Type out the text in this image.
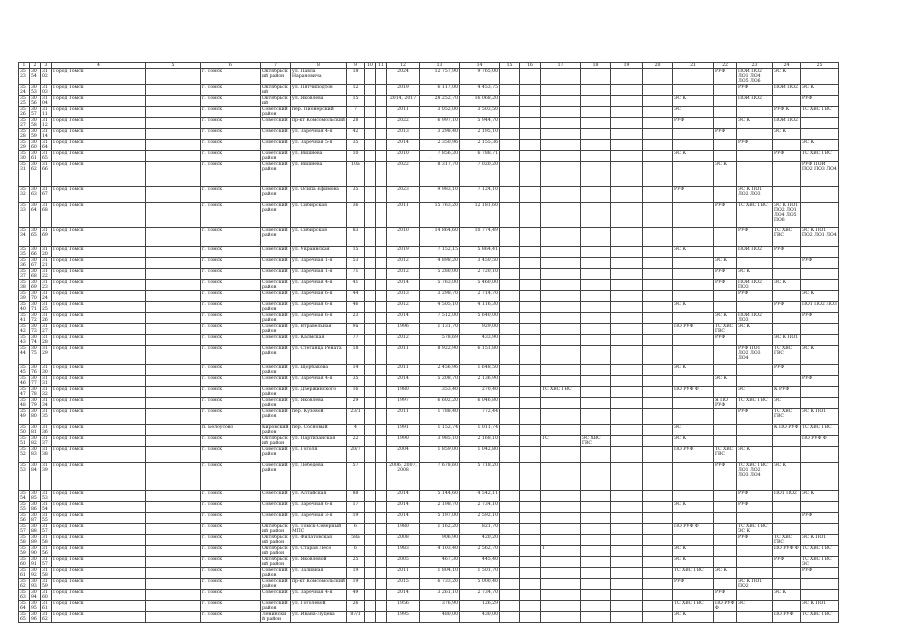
1	2	3	4	5	6	7	8	9	10	11	12	13	14	15	16	17	18	19	20	21	22	23	24	25
3523	3054	3102	Город Томск		г. Томск	Октябрьский район	ул. Павла Нарановича	18			2024	12 757,90	9 765,00								РУФ	ПОИ ПО2 ЛО1 ЛО4 ЛО5 ЛО6	ЭС К	
3524	3053	3103	Город Томск		г. Томск	Октябрьский	ул. Пятчиподтов	12			2019	6 117,00	4 453,75									РУФ	ПОИ ПО2	ЭС К
3525	3056	3104	Город Томск		г. Томск	Октябрьский	ул. Яковлева	15			2014, 2017	28 252,70	16 068,20							ЭС К		ПОИ ПО2		РУФ
3526	3057	3111	Город Томск		г. Томск	Советский район	пер. Пионерский	7			2011	3 052,00	3 503,50							ЭС			РУФ К	ТС ХВС ГВС
3527	3058	3112	Город Томск		г. Томск	Советский	пр-кт Комсомольский	28			2022	6 997,10	5 944,70							РУФ		ЭС К	ПОИ ПО2	
3528	3059	3114	Город Томск		г. Томск	Советский	ул. Заречная 4-я	42			2013	3 298,40	2 195,10								РУФ		ЭС К	
3529	3060	3164	Город Томск		г. Томск	Советский	ул. Заречная 5-я	35			2014	2 350,96	2 155,36									РУФ		ЭС К
3530	3061	3165	Город Томск		г. Томск	Советский район	ул. Вишнева	10			2010	7 856,30	6 788,71							ЭС К			РУФ	ТС ХВС ГВС
3531	3062	3166	Город Томск		г. Томск	Советский район	ул. Вишнева	10а			2022	8 317,70	7 020,20								ЭС К			РУФ ПОИ ПО2 ПО3 ЛО4
3532	3063	3167	Город Томск		г. Томск	Советский район	ул. Осипа Ефимова	35			2023	9 983,10	7 124,10							РУФ		ЭС К ПО1 ЛО2 ЛО3		
3533	3064	3168	Город Томск		г. Томск	Советский район	ул. Сибирская	36			2011	15 763,20	12 181,60								РУФ	ТС ХВС ГВС	ЭС К ПО1 ПО2 ЛО1 ЛО4 ЛО5 ПО6	
3534	3065	3169	Город Томск		г. Томск	Советский район	ул. Сибирская	83			2010	14 864,60	10 774,49									РУФ	ТС ХВС ГВС	ЭС К ПО1 ПО2 ЛО1 ЛО4
3535	3066	3120	Город Томск		г. Томск	Советский	ул. Украинская	15			2019	7 152,15	5 864,41							ЭС К		ПОИ ПО2	РУФ	
3536	3067	3121	Город Томск		г. Томск	Советский	ул. Заречная 1-я	53			2012	4 898,20	3 450,50								ЭС К			РУФ
3537	3068	3122	Город Томск		г. Томск	Советский	ул. Заречная 1-я	71			2012	5 280,00	2 720,10								РУФ	ЭС К		
3538	3069	3123	Город Томск		г. Томск	Советский район	ул. Заречная 4-я	41			2014	5 763,00	5 460,00								РУФ	ПОИ ПО2 ПО3	ЭС К	
3539	3070	3124	Город Томск		г. Томск	Советский	ул. Заречная 6-я	44			2013	3 298,70	2 714,70									РУФ		ЭС К
3540	3071	3125	Город Томск		г. Томск	Советский район	ул. Заречная 6-я	46			2012	4 505,10	4 116,30							ЭС К			РУФ	ПО1 ПО2 ЛО3
3541	3072	3126	Город Томск		г. Томск	Советский район	ул. Заречная 6-я	23			2014	7 512,00	5 640,00								ЭС К	ПОИ ПО2 ЛО3		РУФ
3542	3073	3127	Город Томск		г. Томск	Советский район	ул. Втравельная	9а			1996	1 131,70	929,00							ПО РУФ	ТС ХВС ГВС	ЭС К		
3543	3074	3128	Город Томск		г. Томск	Советский	ул. Калмская	77			2012	578,69	433,90								РУФ		ЭС К ПО1	
3544	3075	3129	Город Томск		г. Томск	Советский район	ул. Стеганца Рената	18			2011	8 922,90	6 151,80									РУФ ПО1 ЛО2 ЛО3 ЛО4	ТС ХВС ГВС	ЭС К
3545	3076	3130	Город Томск		г. Томск	Советский район	ул. Щорбакова	14			2011	2 456,96	1 648,50							ЭС К			РУФ	
3546	3077	3131	Город Томск		г. Томск	Советский	ул. Заречная 4-я	35			2014	5 208,70	2 136,90								ЭС К			РУФ
3547	3078	3132	Город Томск		г. Томск	Советский район	ул. Дзержинского	16			1980	353,40	270,40			ТС ХВС ГВС				ПО РУФ Ф		ЭС	К РУФ	
3548	3079	3134	Город Томск		г. Томск	Советский район	ул. Яковлева	29			1997	6 602,20	6 046,80								Я ПО РУФ	ТС ХВС ГВС	ЭС	
3549	3080	3135	Город Томск		г. Томск	Советский район	пер. Кузовой	23/1			2011	1 788,40	772,44									РУФ	ТС ХВС ГВС	ЭС К ПО1
3550	3081	3136	Город Томск		п. Белоусово	Кировский район	пер. Сосновый	4			1991	1 152,74	1 011,74							ЭС			К ПО РУФ	ТС ХВС ГВС
3551	3082	3137	Город Томск		г. Томск	Октябрьский район	ул. Партизанская	22			1990	3 985,10	2 168,10			ТС	ЭС ХВС ГВС			ЭС К				ПО РУФ Ф
3552	3083	3138	Город Томск		г. Томск	Советский район	ул. Гоголя	20/7			2004	1 859,00	1 042,80							ПО РУФ	ТС ХВС ГВС	ЭС К		
3553	3084	3139	Город Томск		г. Томск	Советский район	ул. Лебедева	57			2006, 2007, 2008	7 678,60	5 718,20								РУФ	ТС ХВС ГВС ЛО1 ЛО2 ЛО3 ЛО4	ЭС К	
3554	3085	3153	Город Томск		г. Томск	Советский	ул. Алтайская	88			2014	5 144,60	4 542,11									РУФ	ПО1 ПО2	ЭС К
3555	3086	3154	Город Томск		г. Томск	Советский	ул. Заречная 6-я	17			2014	2 198,70	2 734,10							ЭС К		РУФ		
3556	3087	3155	Город Томск		г. Томск	Советский	ул. Заречная 3-я	19			2014	5 197,00	2 592,10											РУФ
3557	3088	3157	Город Томск		г. Томск	Октябрьский район	ул. Томск-Северный МПС	6			1980	1 162,20	821,70							ПО РУФ Ф		ТС ХВС ГВС ЭС К		
3558	3089	3158	Город Томск		г. Томск	Октябрьский район	ул. Филатовская	58а			2008	906,90	420,20									РУФ	ТС ХВС ГВС	ЭС К ПО1
3559	3090	3156	Город Томск		г. Томск	Октябрьский район	ул. Старая Лесо	6			1983	4 103,40	2 562,70			Т				ЭС К			ПО РУФ Ф	ТС ХВС ГВС
3560	3091	3157	Город Томск		г. Томск	Октябрьский район	ул. Яковлевой	25			2005	467,30	445,40							ЭС К			РУФ	ТС ХВС ГВС ЭС
3561	3092	3158	Город Томск		г. Томск	Советский район	ул. Заливная	19			2011	1 804,10	1 501,70							ТС ХВС ГВС	ЭС К			РУФ
3562	3093	3159	Город Томск		г. Томск	Советский район	пр-кт Комсомольский	19			2015	6 733,20	5 000,40							РУФ		ЭС К ПО1 ПО2		
3563	3094	3160	Город Томск		г. Томск	Советский	ул. Заречная 4-я	49			2014	3 261,10	2 734,70								РУФ		ЭС К	
3564	3095	3161	Город Томск		г. Томск	Советский район	ул. Гоголевой	26			1956	376,90	126,29							ТС ХВС ГВС	ПО РУФ Ф	ЭС		ЭС К ПО1
3565	3096	3162	Город Томск		г. Томск	Ленинский район	ул. Ивана-Луцева	87/1			1995	480,00	430,00							ЭС К			ПО РУФ	ТС ХВС ГВС
·
·
